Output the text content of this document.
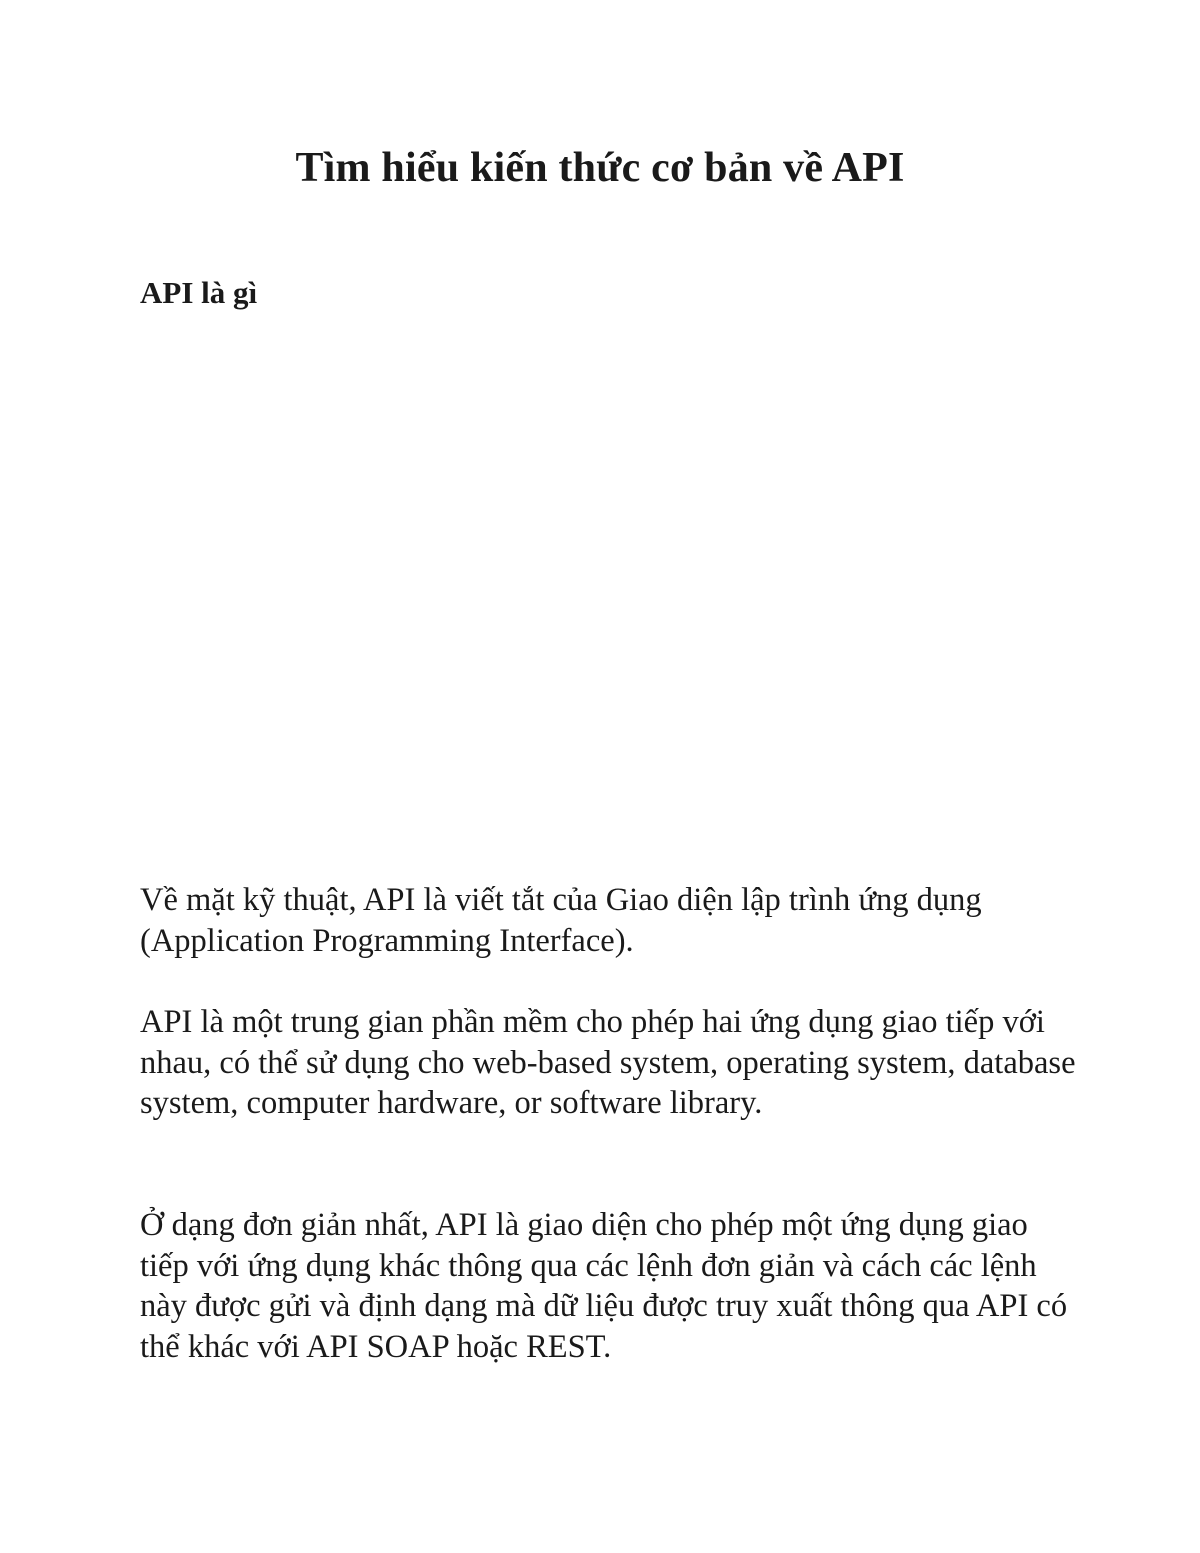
Tìm hiểu kiến thức cơ bản về API
API là gì

Về mặt kỹ thuật, API là viết tắt của Giao diện lập trình ứng dụng (Application Programming Interface).

API là một trung gian phần mềm cho phép hai ứng dụng giao tiếp với nhau, có thể sử dụng cho web-based system, operating system, database system, computer hardware, or software library.

Ở dạng đơn giản nhất, API là giao diện cho phép một ứng dụng giao tiếp với ứng dụng khác thông qua các lệnh đơn giản và cách các lệnh này được gửi và định dạng mà dữ liệu được truy xuất thông qua API có thể khác với API SOAP hoặc REST.
